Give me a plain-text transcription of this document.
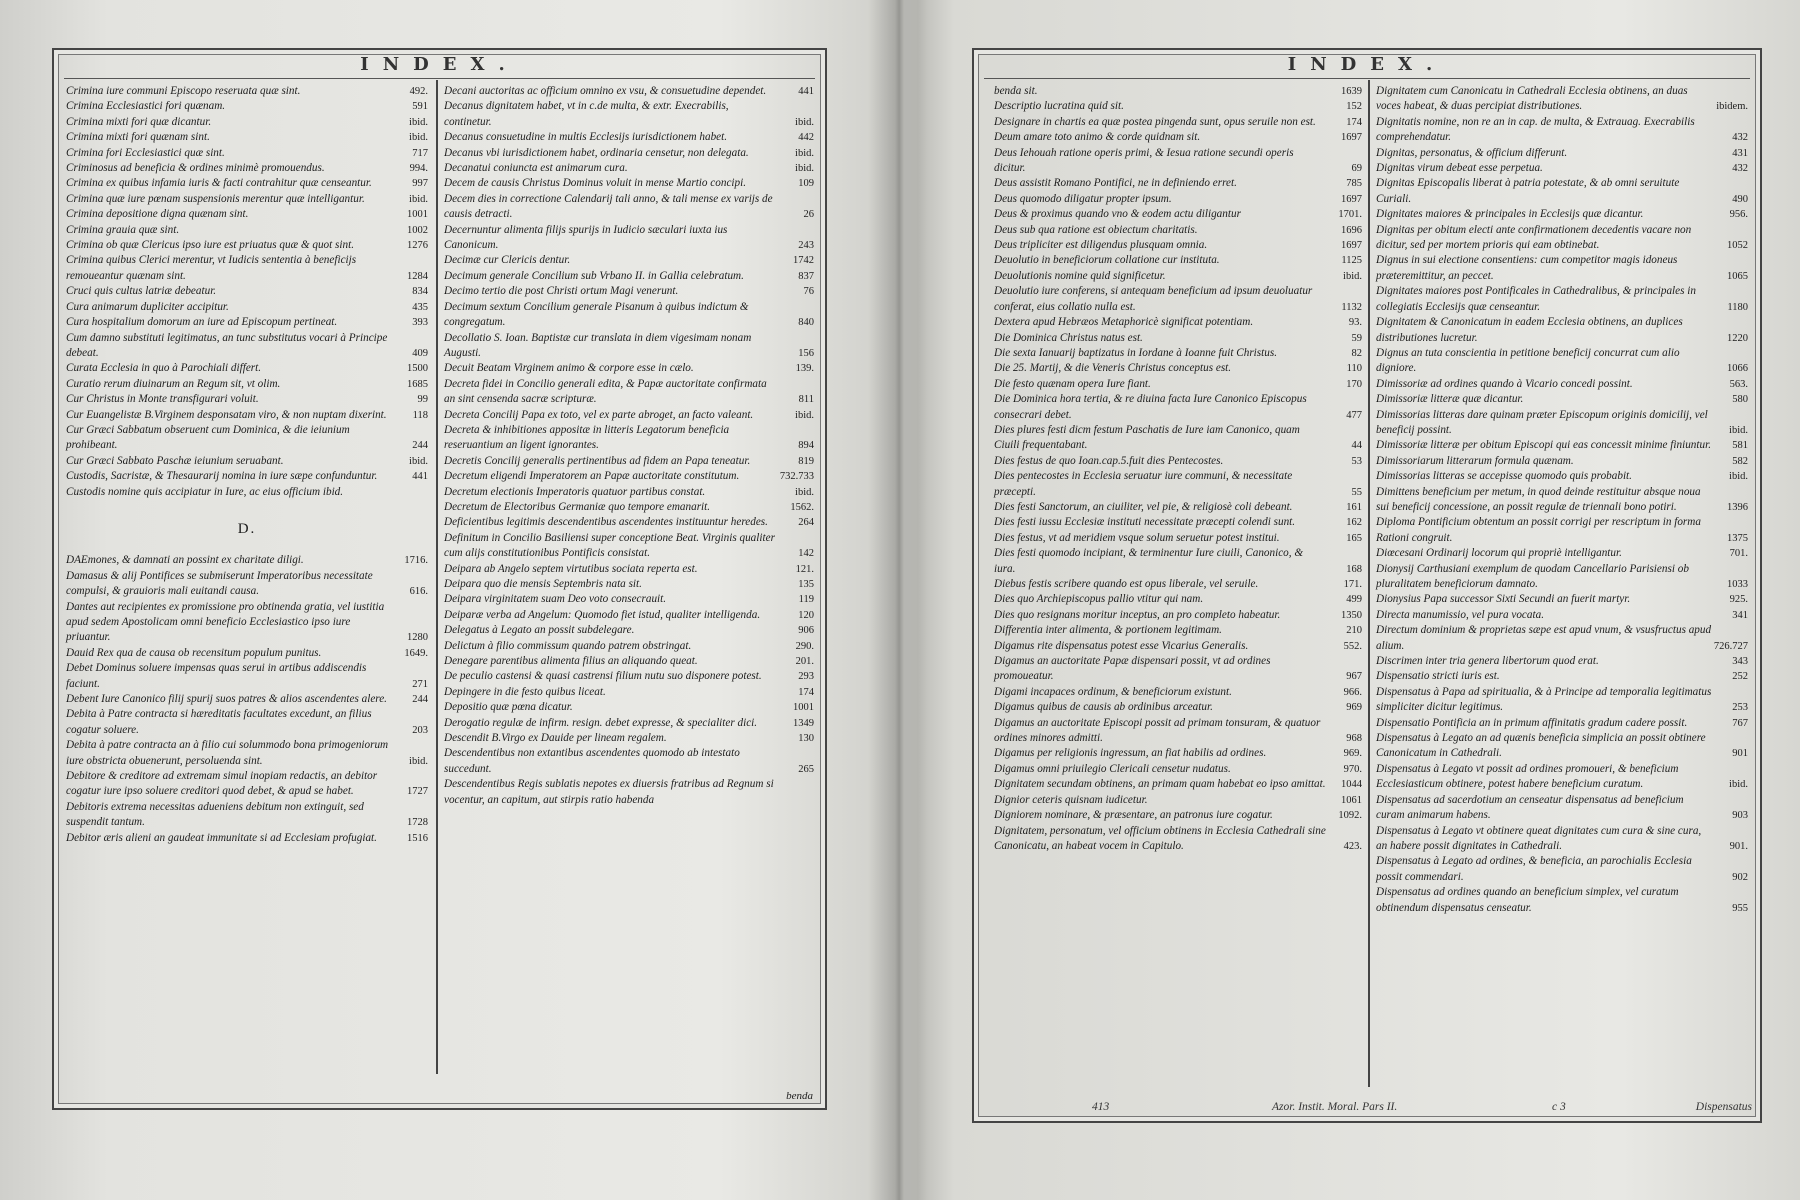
INDEX.
Crimina iure communi Episcopo reseruata quæ sint.	492.
Crimina Ecclesiastici fori quænam.	591
Crimina mixti fori quæ dicantur.	ibid.
Crimina mixti fori quænam sint.	ibid.
Crimina fori Ecclesiastici quæ sint.	717
Criminosus ad beneficia & ordines minimè promouendus.	994.
Crimina ex quibus infamia iuris & facti contrahitur quæ censeantur.	997
Crimina quæ iure pœnam suspensionis merentur quæ intelligantur.	ibid.
Crimina depositione digna quænam sint.	1001
Crimina grauia quæ sint.	1002
Crimina ob quæ Clericus ipso iure est priuatus quæ & quot sint.	1276
Crimina quibus Clerici merentur, vt Iudicis sententia à beneficijs remoueantur quænam sint.	1284
Cruci quis cultus latriæ debeatur.	834
Cura animarum dupliciter accipitur.	435
Cura hospitalium domorum an iure ad Episcopum pertineat.	393
Cum damno substituti legitimatus, an tunc substitutus vocari à Principe debeat.	409
Curata Ecclesia in quo à Parochiali differt.	1500
Curatio rerum diuinarum an Regum sit, vt olim.	1685
Cur Christus in Monte transfigurari voluit.	99
Cur Euangelistæ B.Virginem desponsatam viro, & non nuptam dixerint. 118
Cur Græci Sabbatum obseruent cum Dominica, & die ieiunium prohibeant.	244
Cur Græci Sabbato Paschæ ieiunium seruabant.	ibid.
Custodis, Sacristæ, & Thesaurarij nomina in iure sæpe confunduntur.	441
Custodis nomine quis accipiatur in Iure, ac eius officium ibid.
D.
DAEmones, & damnati an possint ex charitate diligi.	1716.
Damasus & alij Pontifices se submiserunt Imperatoribus necessitate compulsi, & grauioris mali euitandi causa.	616.
Dantes aut recipientes ex promissione pro obtinenda gratia, vel iustitia apud sedem Apostolicam omni beneficio Ecclesiastico ipso iure priuantur.	1280
Dauid Rex qua de causa ob recensitum populum punitus.	1649.
Debet Dominus soluere impensas quas serui in artibus addiscendis faciunt.	271
Debent Iure Canonico filij spurij suos patres & alios ascendentes alere. 244
Debita à Patre contracta si hæreditatis facultates excedunt, an filius cogatur soluere.	203
Debita à patre contracta an à filio cui solummodo bona primogeniorum iure obstricta obuenerunt, persoluenda sint.	ibid.
Debitore & creditore ad extremam simul inopiam redactis, an debitor cogatur iure ipso soluere creditori quod debet, & apud se habet.	1727
Debitoris extrema necessitas adueniens debitum non extinguit, sed suspendit tantum.	1728
Debitor æris alieni an gaudeat immunitate si ad Ecclesiam profugiat.	1516
Decani auctoritas ac officium omnino ex vsu, & consuetudine dependet.	441
Decanus dignitatem habet, vt in c.de multa, & extr. Execrabilis, continetur.	ibid.
Decanus consuetudine in multis Ecclesijs iurisdictionem habet.	442
Decanus vbi iurisdictionem habet, ordinaria censetur, non delegata.	ibid.
Decanatui coniuncta est animarum cura.	ibid.
Decem de causis Christus Dominus voluit in mense Martio concipi.	109
Decem dies in correctione Calendarij tali anno, & tali mense ex varijs de causis detracti.	26
Decernuntur alimenta filijs spurijs in Iudicio sæculari iuxta ius Canonicum.	243
Decimæ cur Clericis dentur.	1742
Decimum generale Concilium sub Vrbano II. in Gallia celebratum.	837
Decimo tertio die post Christi ortum Magi venerunt.	76
Decimum sextum Concilium generale Pisanum à quibus indictum & congregatum.	840
Decollatio S. Ioan. Baptistæ cur translata in diem vigesimam nonam Augusti.	156
Decuit Beatam Virginem animo & corpore esse in cælo.	139.
Decreta fidei in Concilio generali edita, & Papæ auctoritate confirmata an sint censenda sacræ scripturæ.	811
Decreta Concilij Papa ex toto, vel ex parte abroget, an facto valeant.	ibid.
Decreta & inhibitiones appositæ in litteris Legatorum beneficia reseruantium an ligent ignorantes.	894
Decretis Concilij generalis pertinentibus ad fidem an Papa teneatur.	819
Decretum eligendi Imperatorem an Papæ auctoritate constitutum.	732.733
Decretum electionis Imperatoris quatuor partibus constat.	ibid.
Decretum de Electoribus Germaniæ quo tempore emanarit.	1562.
Deficientibus legitimis descendentibus ascendentes instituuntur heredes.	264
Definitum in Concilio Basiliensi super conceptione Beat. Virginis qualiter cum alijs constitutionibus Pontificis consistat.	142
Deipara ab Angelo septem virtutibus sociata reperta est.	121.
Deipara quo die mensis Septembris nata sit.	135
Deipara virginitatem suam Deo voto consecrauit.	119
Deiparæ verba ad Angelum: Quomodo fiet istud, qualiter intelligenda.	120
Delegatus à Legato an possit subdelegare.	906
Delictum à filio commissum quando patrem obstringat.	290.
Denegare parentibus alimenta filius an aliquando queat.	201.
De peculio castensi & quasi castrensi filium nutu suo disponere potest.	293
Depingere in die festo quibus liceat.	174
Depositio quæ pœna dicatur.	1001
Derogatio regulæ de infirm. resign. debet expresse, & specialiter dici.	1349
Descendit B.Virgo ex Dauide per lineam regalem.	130
Descendentibus non extantibus ascendentes quomodo ab intestato succedunt.	265
Descendentibus Regis sublatis nepotes ex diuersis fratribus ad Regnum si vocentur, an capitum, aut stirpis ratio habenda
benda
INDEX.
benda sit.	1639
Descriptio lucratina quid sit.	152
Designare in chartis ea quæ postea pingenda sunt, opus seruile non est.	174
Deum amare toto animo & corde quidnam sit.	1697
Deus Iehouah ratione operis primi, & Iesua ratione secundi operis dicitur.	69
Deus assistit Romano Pontifici, ne in definiendo erret.	785
Deus quomodo diligatur propter ipsum.	1697
Deus & proximus quando vno & eodem actu diligantur	1701.
Deus sub qua ratione est obiectum charitatis.	1696
Deus tripliciter est diligendus plusquam omnia.	1697
Deuolutio in beneficiorum collatione cur instituta.	1125
Deuolutionis nomine quid significetur.	ibid.
Deuolutio iure conferens, si antequam beneficium ad ipsum deuoluatur conferat, eius collatio nulla est.	1132
Dextera apud Hebræos Metaphoricè significat potentiam.	93.
Die Dominica Christus natus est.	59
Die sexta Ianuarij baptizatus in Iordane à Ioanne fuit Christus.	82
Die 25. Martij, & die Veneris Christus conceptus est.	110
Die festo quænam opera Iure fiant.	170
Die Dominica hora tertia, & re diuina facta Iure Canonico Episcopus consecrari debet.	477
Dies plures festi dicm festum Paschatis de Iure iam Canonico, quam Ciuili frequentabant.	44
Dies festus de quo Ioan.cap.5.fuit dies Pentecostes.	53
Dies pentecostes in Ecclesia seruatur iure communi, & necessitate præcepti.	55
Dies festi Sanctorum, an ciuiliter, vel pie, & religiosè coli debeant.	161
Dies festi iussu Ecclesiæ instituti necessitate præcepti colendi sunt.	162
Dies festus, vt ad meridiem vsque solum seruetur potest institui.	165
Dies festi quomodo incipiant, & terminentur Iure ciuili, Canonico, & iura.	168
Diebus festis scribere quando est opus liberale, vel seruile.	171.
Dies quo Archiepiscopus pallio vtitur qui nam.	499
Dies quo resignans moritur inceptus, an pro completo habeatur.	1350
Differentia inter alimenta, & portionem legitimam.	210
Digamus rite dispensatus potest esse Vicarius Generalis.	552.
Digamus an auctoritate Papæ dispensari possit, vt ad ordines promoueatur.	967
Digami incapaces ordinum, & beneficiorum existunt.	966.
Digamus quibus de causis ab ordinibus arceatur.	969
Digamus an auctoritate Episcopi possit ad primam tonsuram, & quatuor ordines minores admitti.	968
Digamus per religionis ingressum, an fiat habilis ad ordines.	969.
Digamus omni priuilegio Clericali censetur nudatus.	970.
Dignitatem secundam obtinens, an primam quam habebat eo ipso amittat. 1044
Dignior ceteris quisnam iudicetur.	1061
Digniorem nominare, & præsentare, an patronus iure cogatur.	1092.
Dignitatem, personatum, vel officium obtinens in Ecclesia Cathedrali sine Canonicatu, an habeat vocem in Capitulo.	423.
Dignitatem cum Canonicatu in Cathedrali Ecclesia obtinens, an duas voces habeat, & duas percipiat distributiones.	ibidem.
Dignitatis nomine, non re an in cap. de multa, & Extrauag. Execrabilis comprehendatur.	432
Dignitas, personatus, & officium differunt.	431
Dignitas virum debeat esse perpetua.	432
Dignitas Episcopalis liberat à patria potestate, & ab omni seruitute Curiali.	490
Dignitates maiores & principales in Ecclesijs quæ dicantur.	956.
Dignitas per obitum electi ante confirmationem decedentis vacare non dicitur, sed per mortem prioris qui eam obtinebat.	1052
Dignus in sui electione consentiens: cum competitor magis idoneus præteremittitur, an peccet.	1065
Dignitates maiores post Pontificales in Cathedralibus, & principales in collegiatis Ecclesijs quæ censeantur.	1180
Dignitatem & Canonicatum in eadem Ecclesia obtinens, an duplices distributiones lucretur.	1220
Dignus an tuta conscientia in petitione beneficij concurrat cum alio digniore.	1066
Dimissoriæ ad ordines quando à Vicario concedi possint.	563.
Dimissoriæ litteræ quæ dicantur.	580
Dimissorias litteras dare quinam præter Episcopum originis domicilij, vel beneficij possint.	ibid.
Dimissoriæ litteræ per obitum Episcopi qui eas concessit minime finiuntur. 581
Dimissoriarum litterarum formula quænam.	582
Dimissorias litteras se accepisse quomodo quis probabit.	ibid.
Dimittens beneficium per metum, in quod deinde restituitur absque noua sui beneficij concessione, an possit regulæ de triennali bono potiri.	1396
Diploma Pontificium obtentum an possit corrigi per rescriptum in forma Rationi congruit.	1375
Diœcesani Ordinarij locorum qui propriè intelligantur.	701.
Dionysij Carthusiani exemplum de quodam Cancellario Parisiensi ob pluralitatem beneficiorum damnato.	1033
Dionysius Papa successor Sixti Secundi an fuerit martyr.	925.
Directa manumissio, vel pura vocata.	341
Directum dominium & proprietas sæpe est apud vnum, & vsusfructus apud alium.	726.727
Discrimen inter tria genera libertorum quod erat.	343
Dispensatio stricti iuris est.	252
Dispensatus à Papa ad spiritualia, & à Principe ad temporalia legitimatus simpliciter dicitur legitimus.	253
Dispensatio Pontificia an in primum affinitatis gradum cadere possit.	767
Dispensatus à Legato an ad quænis beneficia simplicia an possit obtinere Canonicatum in Cathedrali.	901
Dispensatus à Legato vt possit ad ordines promoueri, & beneficium Ecclesiasticum obtinere, potest habere beneficium curatum.	ibid.
Dispensatus ad sacerdotium an censeatur dispensatus ad beneficium curam animarum habens.	903
Dispensatus à Legato vt obtinere queat dignitates cum cura & sine cura, an habere possit dignitates in Cathedrali.	901.
Dispensatus à Legato ad ordines, & beneficia, an parochialis Ecclesia possit commendari.	902
Dispensatus ad ordines quando an beneficium simplex, vel curatum obtinendum dispensatus censeatur.	955
413	Azor. Instit. Moral. Pars II.	c 3	Dispensatus
